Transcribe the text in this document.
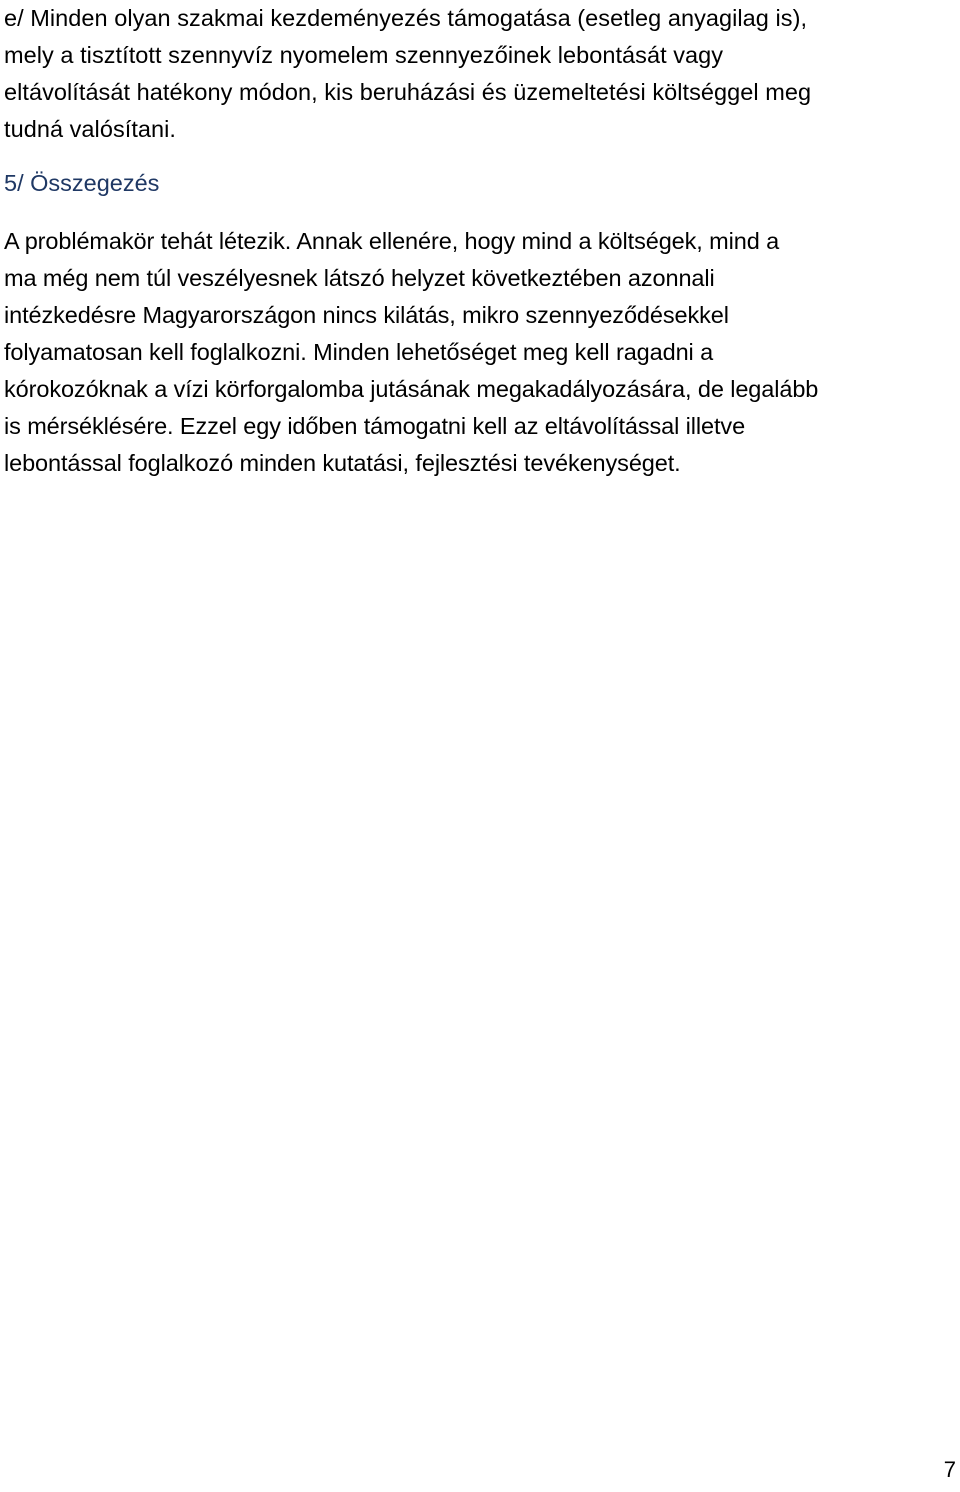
e/ Minden olyan szakmai kezdeményezés támogatása (esetleg anyagilag is),
mely a tisztított szennyvíz nyomelem szennyezőinek lebontását vagy
eltávolítását hatékony módon, kis beruházási és üzemeltetési költséggel meg
tudná valósítani.

5/ Összegezés

A problémakör tehát létezik. Annak ellenére, hogy mind a költségek, mind a
ma még nem túl veszélyesnek látszó helyzet következtében azonnali
intézkedésre Magyarországon nincs kilátás, mikro szennyeződésekkel
folyamatosan kell foglalkozni. Minden lehetőséget meg kell ragadni a
kórokozóknak a vízi körforgalomba jutásának megakadályozására, de legalább
is mérséklésére. Ezzel egy időben támogatni kell az eltávolítással illetve
lebontással foglalkozó minden kutatási, fejlesztési tevékenységet.

7
